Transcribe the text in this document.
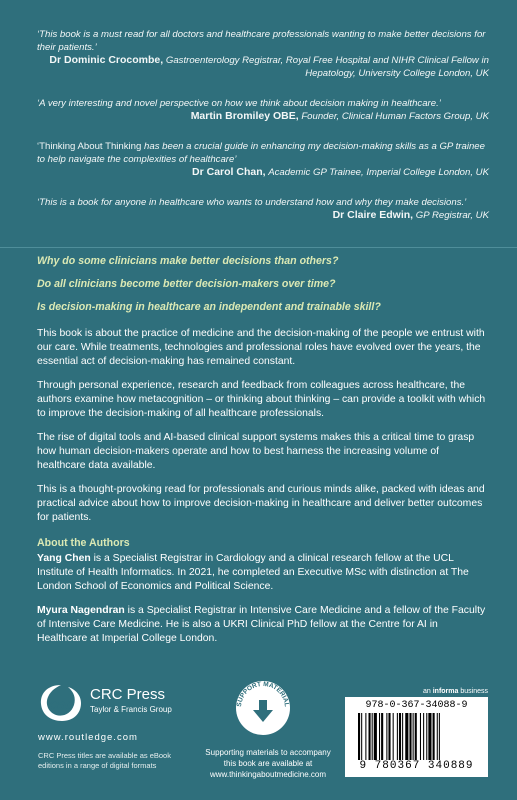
‘This book is a must read for all doctors and healthcare professionals wanting to make better decisions for their patients.’
Dr Dominic Crocombe, Gastroenterology Registrar, Royal Free Hospital and NIHR Clinical Fellow in Hepatology, University College London, UK
‘A very interesting and novel perspective on how we think about decision making in healthcare.’
Martin Bromiley OBE, Founder, Clinical Human Factors Group, UK
‘Thinking About Thinking has been a crucial guide in enhancing my decision-making skills as a GP trainee to help navigate the complexities of healthcare’
Dr Carol Chan, Academic GP Trainee, Imperial College London, UK
‘This is a book for anyone in healthcare who wants to understand how and why they make decisions.’
Dr Claire Edwin, GP Registrar, UK
Why do some clinicians make better decisions than others?
Do all clinicians become better decision-makers over time?
Is decision-making in healthcare an independent and trainable skill?
This book is about the practice of medicine and the decision-making of the people we entrust with our care. While treatments, technologies and professional roles have evolved over the years, the essential act of decision-making has remained constant.
Through personal experience, research and feedback from colleagues across healthcare, the authors examine how metacognition – or thinking about thinking – can provide a toolkit with which to improve the decision-making of all healthcare professionals.
The rise of digital tools and AI-based clinical support systems makes this a critical time to grasp how human decision-makers operate and how to best harness the increasing volume of healthcare data available.
This is a thought-provoking read for professionals and curious minds alike, packed with ideas and practical advice about how to improve decision-making in healthcare and deliver better outcomes for patients.
About the Authors
Yang Chen is a Specialist Registrar in Cardiology and a clinical research fellow at the UCL Institute of Health Informatics. In 2021, he completed an Executive MSc with distinction at The London School of Economics and Political Science.
Myura Nagendran is a Specialist Registrar in Intensive Care Medicine and a fellow of the Faculty of Intensive Care Medicine. He is also a UKRI Clinical PhD fellow at the Centre for AI in Healthcare at Imperial College London.
CRC
CRC Press
Taylor & Francis Group
www.routledge.com
CRC Press titles are available as eBook editions in a range of digital formats
SUPPORT MATERIAL
Supporting materials to accompany this book are available at www.thinkingaboutmedicine.com
an informa business
978-0-367-34088-9
9 780367 340889
